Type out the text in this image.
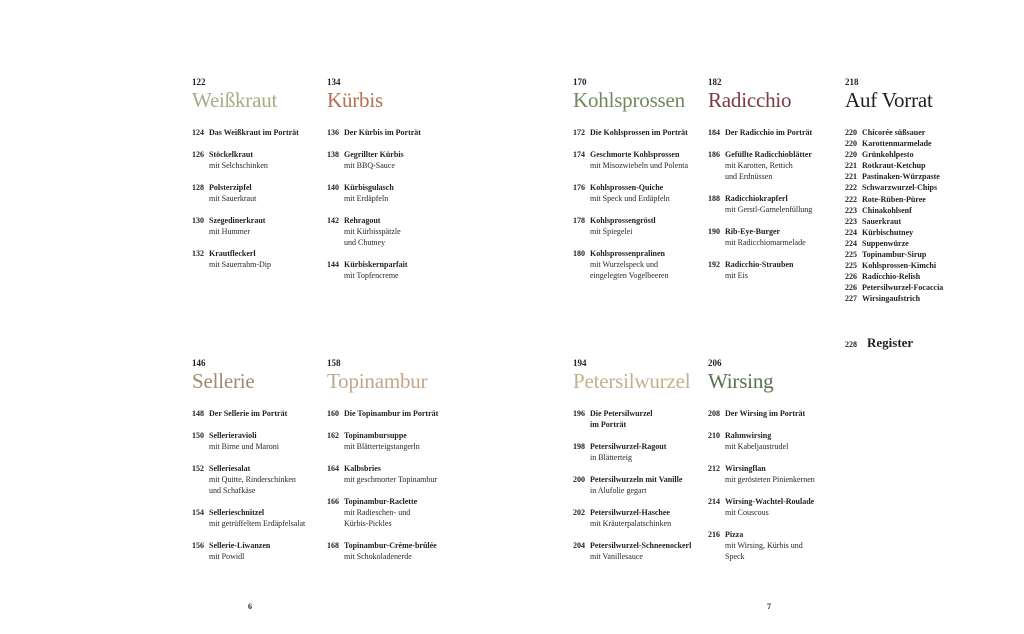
122
Weißkraut
124 Das Weißkraut im Porträt
126 Stöckelkraut
mit Selchschinken
128 Polsterzipfel
mit Sauerkraut
130 Szegedinerkraut
mit Hummer
132 Krautfleckerl
mit Sauerrahm-Dip
134
Kürbis
136 Der Kürbis im Porträt
138 Gegrillter Kürbis
mit BBQ-Sauce
140 Kürbisgulasch
mit Erdäpfeln
142 Rehragout
mit Kürbisspätzle
und Chutney
144 Kürbiskernparfait
mit Topfencreme
170
Kohlsprossen
172 Die Kohlsprossen im Porträt
174 Geschmorte Kohlsprossen
mit Misozwiebeln und Polenta
176 Kohlsprossen-Quiche
mit Speck und Erdäpfeln
178 Kohlsprossengröstl
mit Spiegelei
180 Kohlsprossenpralinen
mit Wurzelspeck und
eingelegten Vogelbeeren
182
Radicchio
184 Der Radicchio im Porträt
186 Gefüllte Radicchioblätter
mit Karotten, Rettich
und Erdnüssen
188 Radicchiokrapferl
mit Gerstl-Garnelenfüllung
190 Rib-Eye-Burger
mit Radicchiomarmelade
192 Radicchio-Strauben
mit Eis
218
Auf Vorrat
220 Chicorée süßsauer
220 Karottenmarmelade
220 Grünkohlpesto
221 Rotkraut-Ketchup
221 Pastinaken-Würzpaste
222 Schwarzwurzel-Chips
222 Rote-Rüben-Püree
223 Chinakohlsenf
223 Sauerkraut
224 Kürbischutney
224 Suppenwürze
225 Topinambur-Sirup
225 Kohlsprossen-Kimchi
226 Radicchio-Relish
226 Petersilwurzel-Focaccia
227 Wirsingaufstrich
228 Register
146
Sellerie
148 Der Sellerie im Porträt
150 Sellerieravioli
mit Birne und Maroni
152 Selleriesalat
mit Quitte, Rinderschinken
und Schafkäse
154 Sellerieschnitzel
mit getrüffeltem Erdäpfelsalat
156 Sellerie-Liwanzen
mit Powidl
158
Topinambur
160 Die Topinambur im Porträt
162 Topinambursuppe
mit Blätterteigstangerln
164 Kalbsbries
mit geschmorter Topinambur
166 Topinambur-Raclette
mit Radieschen- und
Kürbis-Pickles
168 Topinambur-Crème-brûlée
mit Schokoladenerde
194
Petersilwurzel
196 Die Petersilwurzel
im Porträt
198 Petersilwurzel-Ragout
in Blätterteig
200 Petersilwurzeln mit Vanille
in Alufolie gegart
202 Petersilwurzel-Haschee
mit Kräuterpalatschinken
204 Petersilwurzel-Schneenockerl
mit Vanillesauce
206
Wirsing
208 Der Wirsing im Porträt
210 Rahmwirsing
mit Kabeljaustrudel
212 Wirsingflan
mit gerösteten Pinienkernen
214 Wirsing-Wachtel-Roulade
mit Couscous
216 Pizza
mit Wirsing, Kürbis und
Speck
6	7
